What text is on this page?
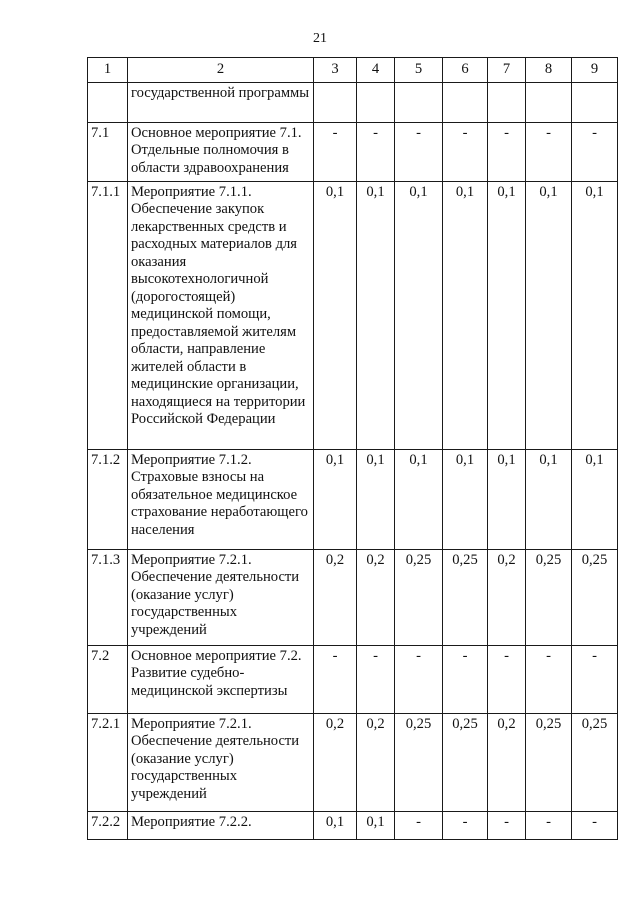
21
1	2	3	4	5	6	7	8	9
	государственной программы							
7.1	Основное мероприятие 7.1. Отдельные полномочия в области здравоохранения	-	-	-	-	-	-	-
7.1.1	Мероприятие 7.1.1. Обеспечение закупок лекарственных средств и расходных материалов для оказания высокотехнологичной (дорогостоящей) медицинской помощи, предоставляемой жителям области, направление жителей области в медицинские организации, находящиеся на территории Российской Федерации	0,1	0,1	0,1	0,1	0,1	0,1	0,1
7.1.2	Мероприятие 7.1.2. Страховые взносы на обязательное медицинское страхование неработающего населения	0,1	0,1	0,1	0,1	0,1	0,1	0,1
7.1.3	Мероприятие 7.2.1. Обеспечение деятельности (оказание услуг) государственных учреждений	0,2	0,2	0,25	0,25	0,2	0,25	0,25
7.2	Основное мероприятие 7.2. Развитие судебно-медицинской экспертизы	-	-	-	-	-	-	-
7.2.1	Мероприятие 7.2.1. Обеспечение деятельности (оказание услуг) государственных учреждений	0,2	0,2	0,25	0,25	0,2	0,25	0,25
7.2.2	Мероприятие 7.2.2.	0,1	0,1	-	-	-	-	-
